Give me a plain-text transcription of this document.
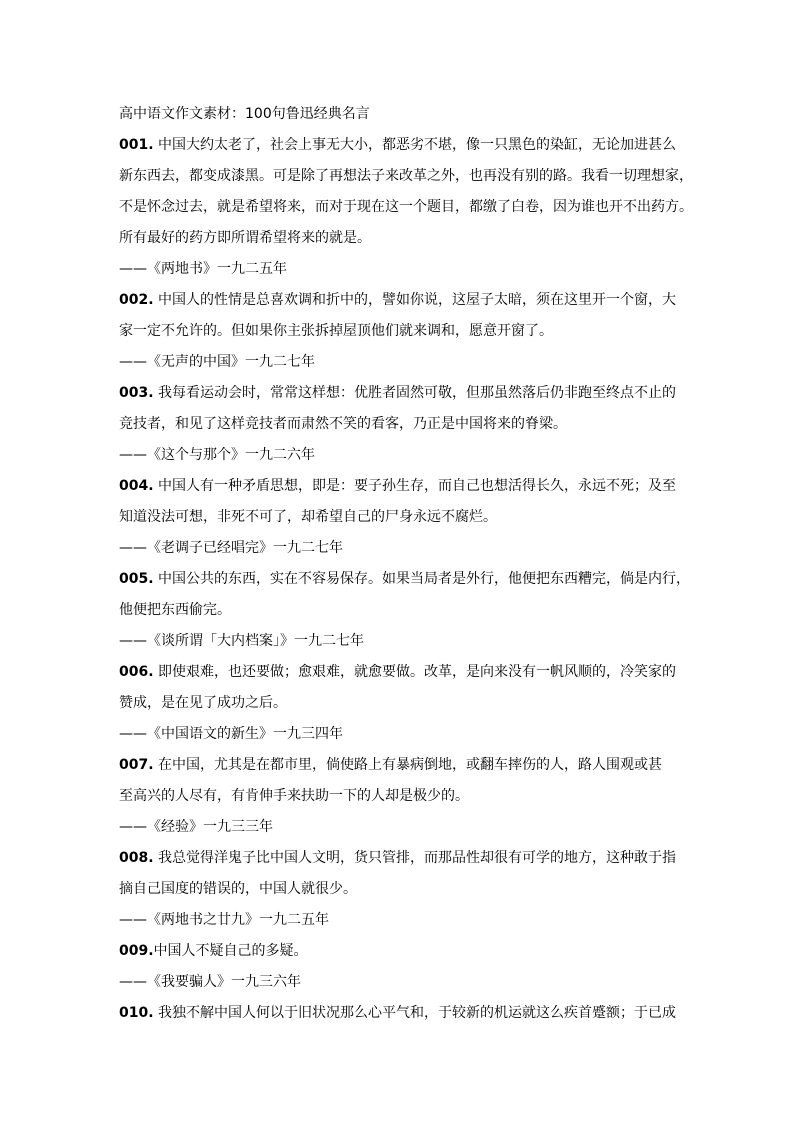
高中语文作文素材：100句鲁迅经典名言
001. 中国大约太老了，社会上事无大小，都恶劣不堪，像一只黑色的染缸，无论加进甚么
新东西去，都变成漆黑。可是除了再想法子来改革之外，也再没有别的路。我看一切理想家，
不是怀念过去，就是希望将来，而对于现在这一个题目，都缴了白卷，因为谁也开不出药方。
所有最好的药方即所谓希望将来的就是。
——《两地书》一九二五年
002. 中国人的性情是总喜欢调和折中的，譬如你说，这屋子太暗，须在这里开一个窗，大
家一定不允许的。但如果你主张拆掉屋顶他们就来调和，愿意开窗了。
——《无声的中国》一九二七年
003. 我每看运动会时，常常这样想：优胜者固然可敬，但那虽然落后仍非跑至终点不止的
竞技者，和见了这样竞技者而肃然不笑的看客，乃正是中国将来的脊梁。
——《这个与那个》一九二六年
004. 中国人有一种矛盾思想，即是：要子孙生存，而自己也想活得长久，永远不死；及至
知道没法可想，非死不可了，却希望自己的尸身永远不腐烂。
——《老调子已经唱完》一九二七年
005. 中国公共的东西，实在不容易保存。如果当局者是外行，他便把东西糟完，倘是内行，
他便把东西偷完。
——《谈所谓「大内档案」》一九二七年
006. 即使艰难，也还要做；愈艰难，就愈要做。改革，是向来没有一帆风顺的，冷笑家的
赞成，是在见了成功之后。
——《中国语文的新生》一九三四年
007. 在中国，尤其是在都市里，倘使路上有暴病倒地，或翻车摔伤的人，路人围观或甚
至高兴的人尽有，有肯伸手来扶助一下的人却是极少的。
——《经验》一九三三年
008. 我总觉得洋鬼子比中国人文明，货只管排，而那品性却很有可学的地方，这种敢于指
摘自己国度的错误的，中国人就很少。
——《两地书之廿九》一九二五年
009.中国人不疑自己的多疑。
——《我要骗人》一九三六年
010. 我独不解中国人何以于旧状况那么心平气和，于较新的机运就这么疾首蹙额；于已成
